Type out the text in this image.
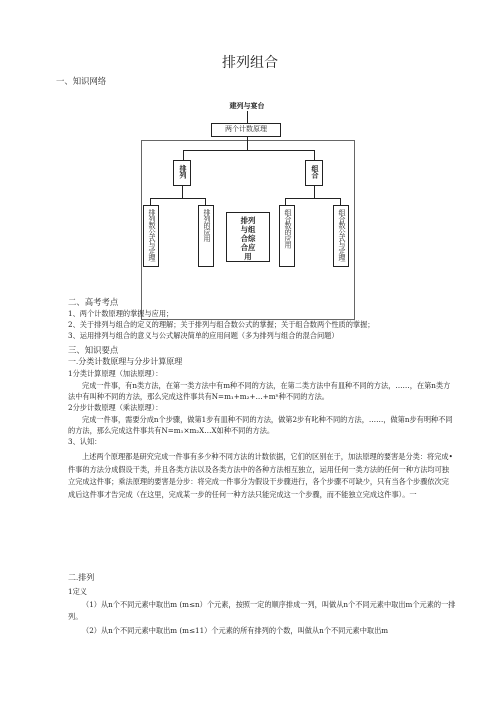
排列组合
一、知识网络
建列与宴台
两个计数原理
排列	组合
排列数公式与定理	排列的应用	组合数的应用	组合数公式与定理
排列
与组
合综
合应
用
二、高考考点
1、两个计数原理的掌握与应用；
2、关于排列与组合的定义的理解；关于排列与组合数公式的掌握；关于组合数两个性质的掌握；
3、运用排列与组合的意义与公式解决简单的应用问题（多为排列与组合的混合问题）
三、知识要点
一.分类计数原理与分步计算原理
1分类计算原理（加法原理）：
完成一件事，有n类方法，在第一类方法中有m种不同的方法，在第二类方法中有皿种不同的方法，……，在第n类方法中有叫种不同的方法，那么完成这件事共有N=m₁+m₂+…+mⁿ种不同的方法。
2分步计数原理（乘法原理）：
完成一件事，需要分成n个步骤，做第1步有皿种不同的方法，做第2步有叱种不同的方法，……，做第n步有明种不同的方法，那么完成这件事共有N=m₁×m₂X…X如种不同的方法。
3、认知：
上述两个原理都是研究完成一件事有多少种不同方法的计数依据，它们的区别在于，加法原理的要害是分类：将完成•件事的方法分成假设干类，并且各类方法以及各类方法中的各种方法相互独立，运用任何一类方法的任何一种方法均可独立完成这件事；乘法原理的要害是分步：将完成一件事分为假设干步骤进行，各个步骤不可缺少，只有当各个步骤依次完成后这件事才告完成（在这里，完成某一步的任何一种方法只能完成这一个步骤，而不能独立完成这件事）。一
二.排列
1定义
（1）从n个不同元素中取出m (m≤n）个元素，按照一定的顺序排成一列，叫做从n个不同元素中取出m个元素的一排列。
（2）从n个不同元素中取出m (m≤11）个元素的所有排列的个数，叫做从n个不同元素中取出m
